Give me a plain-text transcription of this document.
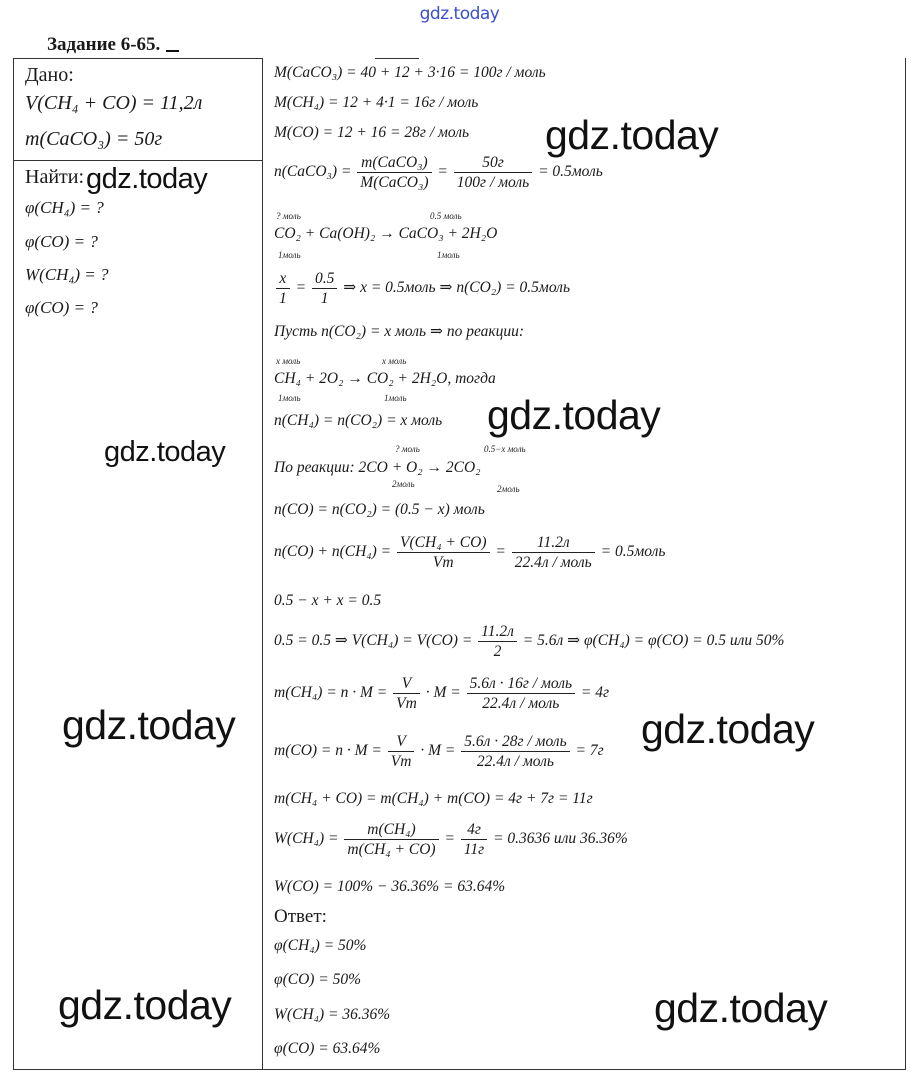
gdz.today
Задание 6-65.
Дано:
V(CH₄ + CO) = 11,2л
m(CaCO₃) = 50г
Найти:
φ(CH₄) = ?
φ(CO) = ?
W(CH₄) = ?
φ(CO) = ?
M(CaCO₃) = 40 + 12 + 3·16 = 100г / моль
M(CH₄) = 12 + 4·1 = 16г / моль
M(CO) = 12 + 16 = 28г / моль
n(CaCO₃) = $\frac{\text{m(CaCO₃)}}{\text{M(CaCO₃)}} = \frac{50г}{\text{100г / моль}}$ = 0.5моль
? моль	0.5 моль
CO₂ + Ca(OH)₂ → CaCO₃ + 2H₂O
1моль	1моль
$\frac{x}{1} = \frac{0.5}{1}$ ⇒ x = 0.5моль ⇒ n(CO₂) = 0.5моль
Пусть n(CO₂) = x моль ⇒ по реакции:
x моль	x моль
CH₄ + 2O₂ → CO₂ + 2H₂O, тогда
1моль	1моль
n(CH₄) = n(CO₂) = x моль
? моль	0.5−x моль
По реакции: 2CO + O₂ → 2CO₂
2моль	2моль
n(CO) = n(CO₂) = (0.5 − x) моль
$n(CO) + n(CH_4) = \frac{\text{V(CH₄ + CO)}}{Vm} = \frac{11.2л}{\text{22.4л / моль}}$ = 0.5моль
0.5 − x + x = 0.5
0.5 = 0.5 ⇒ $V(CH_4) = V(CO) = \frac{11.2л}{2} = 5.6л$ ⇒ φ(CH₄) = φ(CO) = 0.5 или 50%
$m(CH_4) = n \cdot M = \frac{V}{Vm} \cdot M = \frac{\text{5.6л · 16г / моль}}{\text{22.4л / моль}} = 4г$
$m(CO) = n \cdot M = \frac{V}{Vm} \cdot M = \frac{\text{5.6л · 28г / моль}}{\text{22.4л / моль}} = 7г$
m(CH₄ + CO) = m(CH₄) + m(CO) = 4г + 7г = 11г
$W(CH_4) = \frac{\text{m(CH₄)}}{\text{m(CH₄ + CO)}} = \frac{4г}{11г} = 0.3636$ или 36.36%
W(CO) = 100% − 36.36% = 63.64%
Ответ:
φ(CH₄) = 50%
φ(CO) = 50%
W(CH₄) = 36.36%
φ(CO) = 63.64%
gdz.today
gdz.today
gdz.today
gdz.today
gdz.today	gdz.today
gdz.today	gdz.today
